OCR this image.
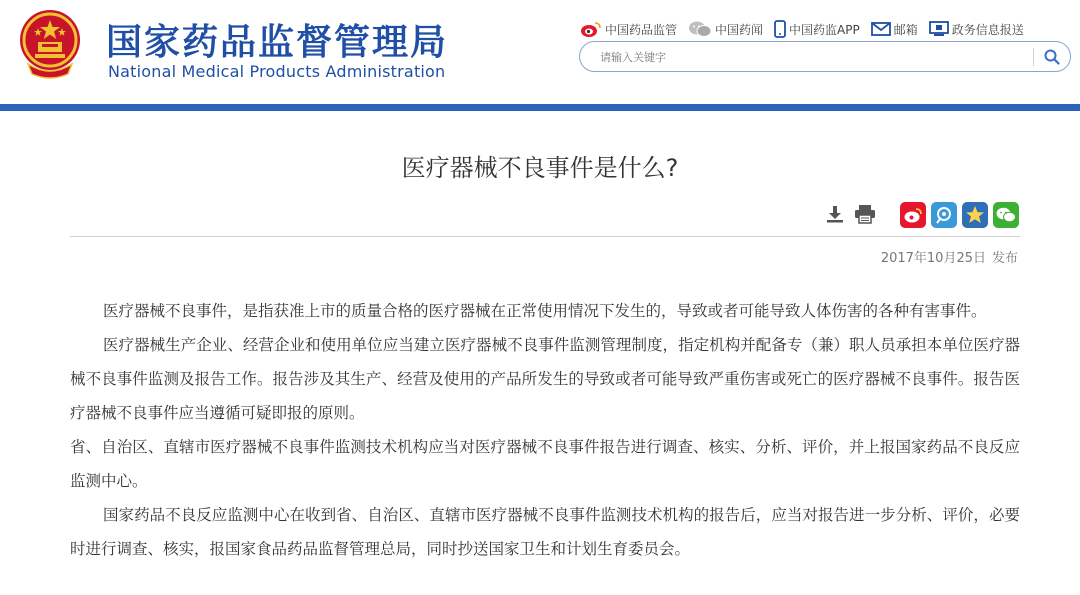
国家药品监督管理局
National Medical Products Administration
中国药品监管	中国药闻 中国药监APP	邮箱	政务信息报送
请输入关键字
医疗器械不良事件是什么?
2017年10月25日 发布

医疗器械不良事件，是指获准上市的质量合格的医疗器械在正常使用情况下发生的，导致或者可能导致人体伤害的各种有害事件。

医疗器械生产企业、经营企业和使用单位应当建立医疗器械不良事件监测管理制度，指定机构并配备专（兼）职人员承担本单位医疗器械不良事件监测及报告工作。报告涉及其生产、经营及使用的产品所发生的导致或者可能导致严重伤害或死亡的医疗器械不良事件。报告医疗器械不良事件应当遵循可疑即报的原则。

省、自治区、直辖市医疗器械不良事件监测技术机构应当对医疗器械不良事件报告进行调查、核实、分析、评价，并上报国家药品不良反应监测中心。

国家药品不良反应监测中心在收到省、自治区、直辖市医疗器械不良事件监测技术机构的报告后，应当对报告进一步分析、评价，必要时进行调查、核实，报国家食品药品监督管理总局，同时抄送国家卫生和计划生育委员会。
